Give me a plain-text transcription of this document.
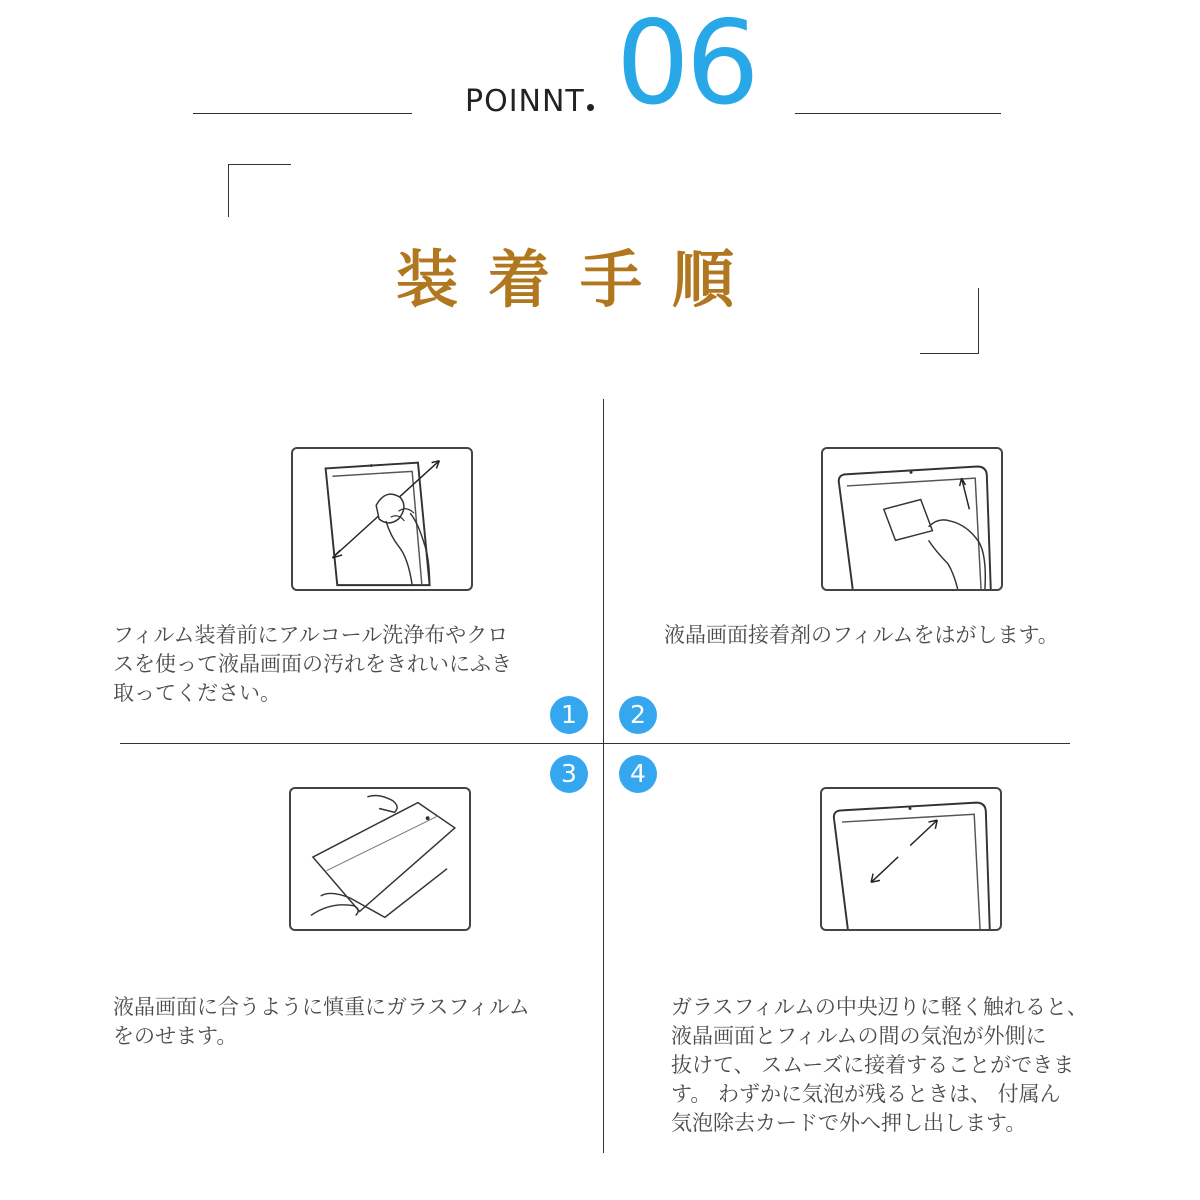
POINNT 06
装着手順

フィルム装着前にアルコール洗浄布やクロ
スを使って液晶画面の汚れをきれいにふき
取ってください。

1

液晶画面接着剤のフィルムをはがします。

2

液晶画面に合うように慎重にガラスフィルム
をのせます。

3

ガラスフィルムの中央辺りに軽く触れると、
液晶画面とフィルムの間の気泡が外側に
抜けて、 スムーズに接着することができま
す。 わずかに気泡が残るときは、 付属ん
気泡除去カードで外へ押し出します。

4
